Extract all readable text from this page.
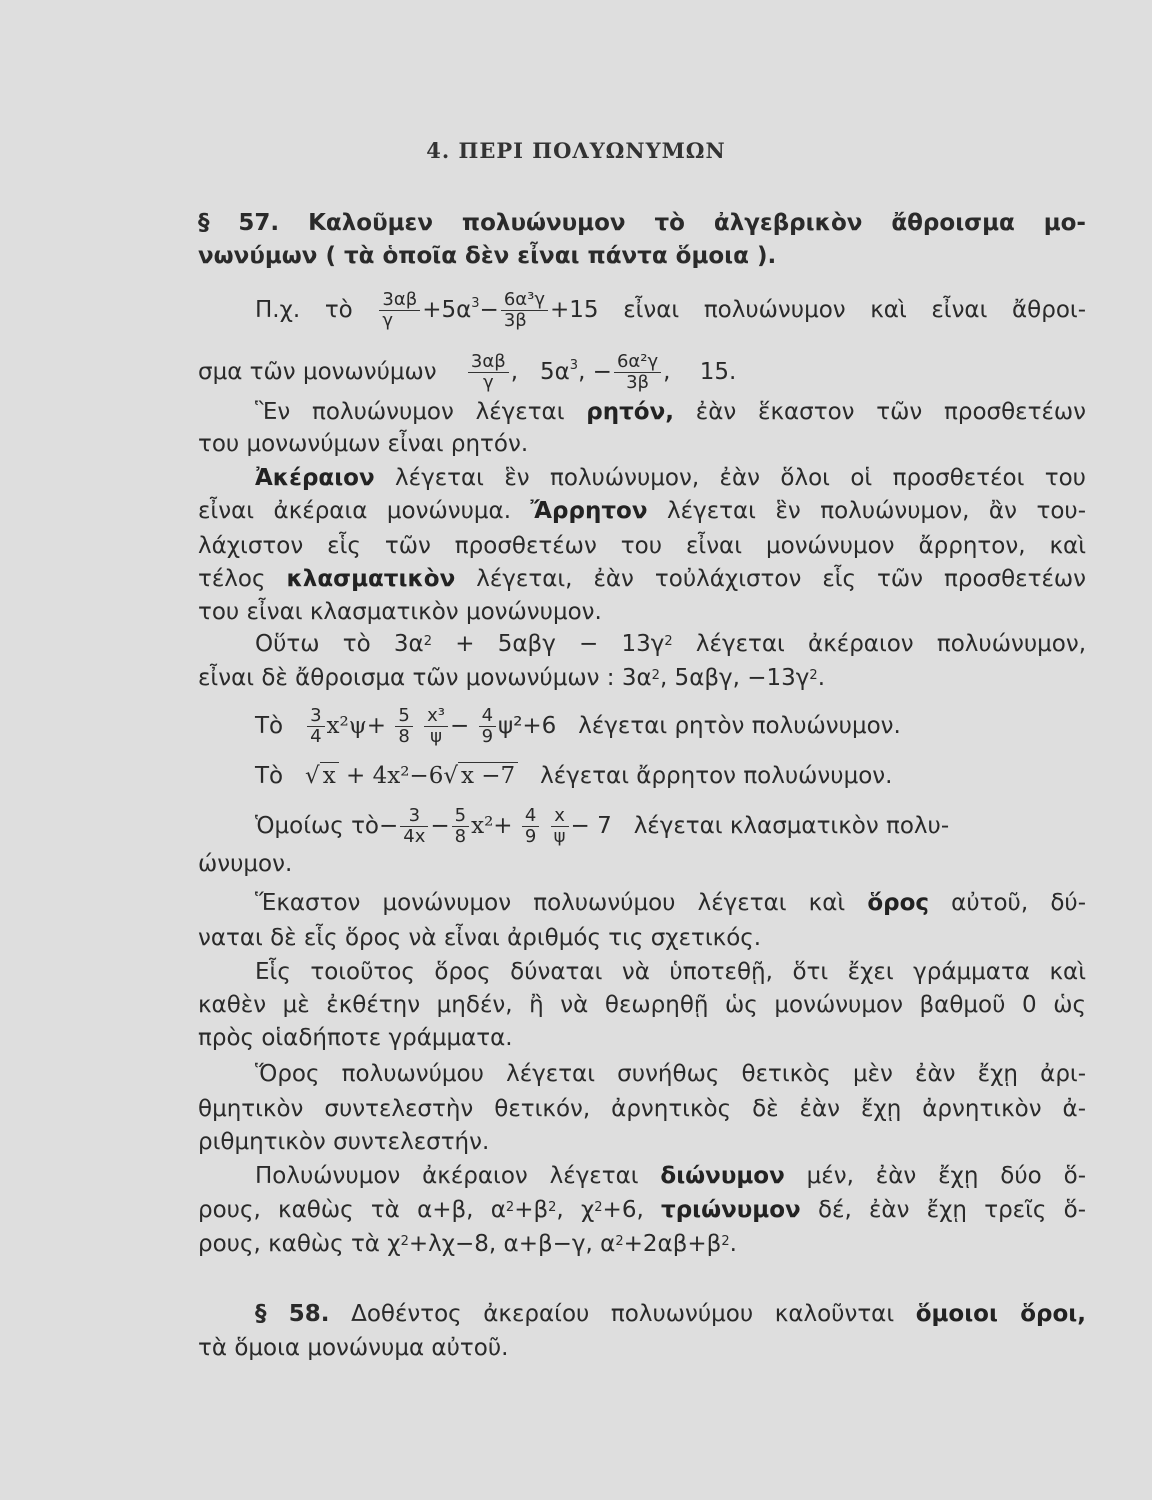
4. ΠΕΡΙ ΠΟΛΥΩΝΥΜΩΝ
§ 57. Καλοῦμεν πολυώνυμον τὸ ἀλγεβρικὸν ἄθροισμα μο-
νωνύμων ( τὰ ὁποῖα δὲν εἶναι πάντα ὅμοια ).
Π.χ. τὸ $\frac{3\alpha\beta}{\gamma} +5\alpha^3- \frac{\text{6α³γ}}{3\beta} +15$ εἶναι πολυώνυμον καὶ εἶναι ἄθροι-
σμα τῶν μονωνύμων $\frac{3\alpha\beta}{\gamma}$ , $5\alpha^3$, − $\frac{\text{6α²γ}}{3\beta}$ ,    15.
Ἓν πολυώνυμον λέγεται ρητόν, ἐὰν ἕκαστον τῶν προσθετέων
του μονωνύμων εἶναι ρητόν.
Ἀκέραιον λέγεται ἓν πολυώνυμον, ἐὰν ὅλοι οἱ προσθετέοι του
εἶναι ἀκέραια μονώνυμα. Ἄρρητον λέγεται ἓν πολυώνυμον, ἂν του-
λάχιστον εἷς τῶν προσθετέων του εἶναι μονώνυμον ἄρρητον, καὶ
τέλος κλασματικὸν λέγεται, ἐὰν τοὐλάχιστον εἷς τῶν προσθετέων
του εἶναι κλασματικὸν μονώνυμον.
Οὕτω τὸ $3\alpha^2 + 5\alpha\beta\gamma - 13\gamma^2$ λέγεται ἀκέραιον πολυώνυμον,
εἶναι δὲ ἄθροισμα τῶν μονωνύμων : $3\alpha^2$, 5αβγ, $-13\gamma^2$.
Τὸ $\frac{3}{4} x^2\psi+ \frac{5}{8}$
$\frac{\text{x³}}{\psi} - \frac{4}{9} \psi^2+6$ λέγεται ρητὸν πολυώνυμον.
Τὸ   √ x + 4x²−6√ x −7 λέγεται ἄρρητον πολυώνυμον.
Ὁμοίως τὸ− $\frac{3}{4x} - \frac{5}{8} x^2+ \frac{4}{9}$
$\frac{x}{\psi} - 7$ λέγεται κλασματικὸν πολυ-
ώνυμον.
Ἕκαστον μονώνυμον πολυωνύμου λέγεται καὶ ὅρος αὐτοῦ, δύ-
ναται δὲ εἷς ὅρος νὰ εἶναι ἀριθμός τις σχετικός.
Εἷς τοιοῦτος ὅρος δύναται νὰ ὑποτεθῇ, ὅτι ἔχει γράμματα καὶ
καθὲν μὲ ἐκθέτην μηδέν, ἢ νὰ θεωρηθῇ ὡς μονώνυμον βαθμοῦ 0 ὡς
πρὸς οἱαδήποτε γράμματα.
Ὅρος πολυωνύμου λέγεται συνήθως θετικὸς μὲν ἐὰν ἔχῃ ἀρι-
θμητικὸν συντελεστὴν θετικόν, ἀρνητικὸς δὲ ἐὰν ἔχῃ ἀρνητικὸν ἀ-
ριθμητικὸν συντελεστήν.
Πολυώνυμον ἀκέραιον λέγεται διώνυμον μέν, ἐὰν ἔχῃ δύο ὅ-
ρους, καθὼς τὰ α+β, $\alpha^2+\beta^2$, $\chi^2+6$, τριώνυμον δέ, ἐὰν ἔχῃ τρεῖς ὅ-
ρους, καθὼς τὰ $\chi^2+\lambda\chi-8$, α+β−γ, $\alpha^2+2\alpha\beta+\beta^2$.
§ 58. Δοθέντος ἀκεραίου πολυωνύμου καλοῦνται ὅμοιοι ὅροι,
τὰ ὅμοια μονώνυμα αὐτοῦ.
